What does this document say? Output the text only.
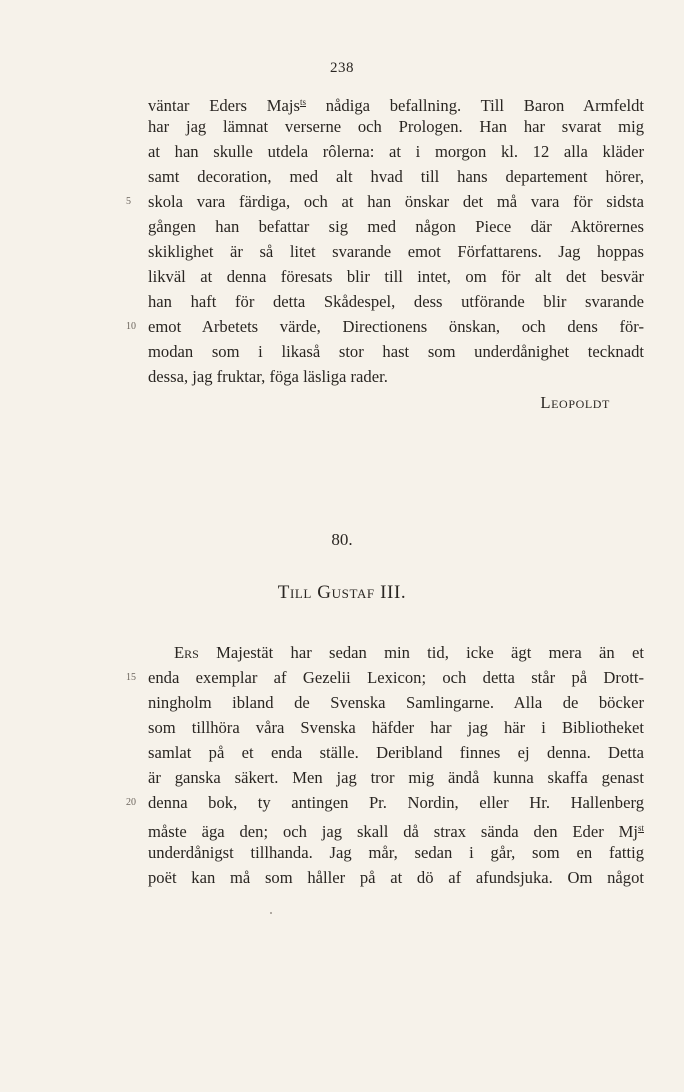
238
väntar Eders Majs$^{ts}$ nådiga befallning. Till Baron Armfeldt
har jag lämnat verserne och Prologen. Han har svarat mig
at han skulle utdela rôlerna: at i morgon kl. 12 alla kläder
samt decoration, med alt hvad till hans departement hörer,
5	skola vara färdiga, och at han önskar det må vara för sidsta
gången han befattar sig med någon Piece där Aktörernes
skiklighet är så litet svarande emot Författarens. Jag hoppas
likväl at denna föresats blir till intet, om för alt det besvär
han haft för detta Skådespel, dess utförande blir svarande
10 emot Arbetets värde, Directionens önskan, och dens för-
modan som i likaså stor hast som underdånighet tecknadt
dessa, jag fruktar, föga läsliga rader.
Leopoldt
80.
Till Gustaf III.
Ers Majestät har sedan min tid, icke ägt mera än et
15 enda exemplar af Gezelii Lexicon; och detta står på Drott-
ningholm ibland de Svenska Samlingarne. Alla de böcker
som tillhöra våra Svenska häfder har jag här i Bibliotheket
samlat på et enda ställe. Deribland finnes ej denna. Detta
är ganska säkert. Men jag tror mig ändå kunna skaffa genast
20 denna bok, ty antingen Pr. Nordin, eller Hr. Hallenberg
måste äga den; och jag skall då strax sända den Eder $Mj^{st}$
underdånigst tillhanda. Jag mår, sedan i går, som en fattig
poët kan må som håller på at dö af afundsjuka. Om något
